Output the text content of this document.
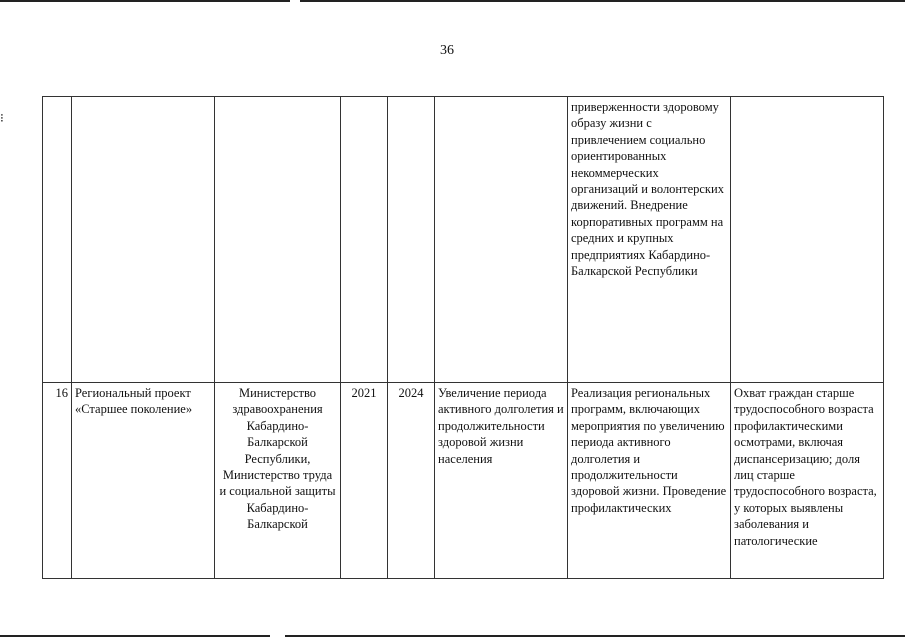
36
⁝
						приверженности здоровому образу жизни с привлечением социально ориентированных некоммерческих организаций и волонтерских движений. Внедрение корпоративных программ на средних и крупных предприятиях Кабардино-Балкарской Республики	
16	Региональный проект «Старшее поколение»	Министерство здравоохранения Кабардино-Балкарской Республики, Министерство труда и социальной защиты Кабардино-Балкарской	2021	2024	Увеличение периода активного долголетия и продолжительности здоровой жизни населения	Реализация региональных программ, включающих мероприятия по увеличению периода активного долголетия и продолжительности здоровой жизни. Проведение профилактических	Охват граждан старше трудоспособного возраста профилактическими осмотрами, включая диспансеризацию; доля лиц старше трудоспособного возраста, у которых выявлены заболевания и патологические
